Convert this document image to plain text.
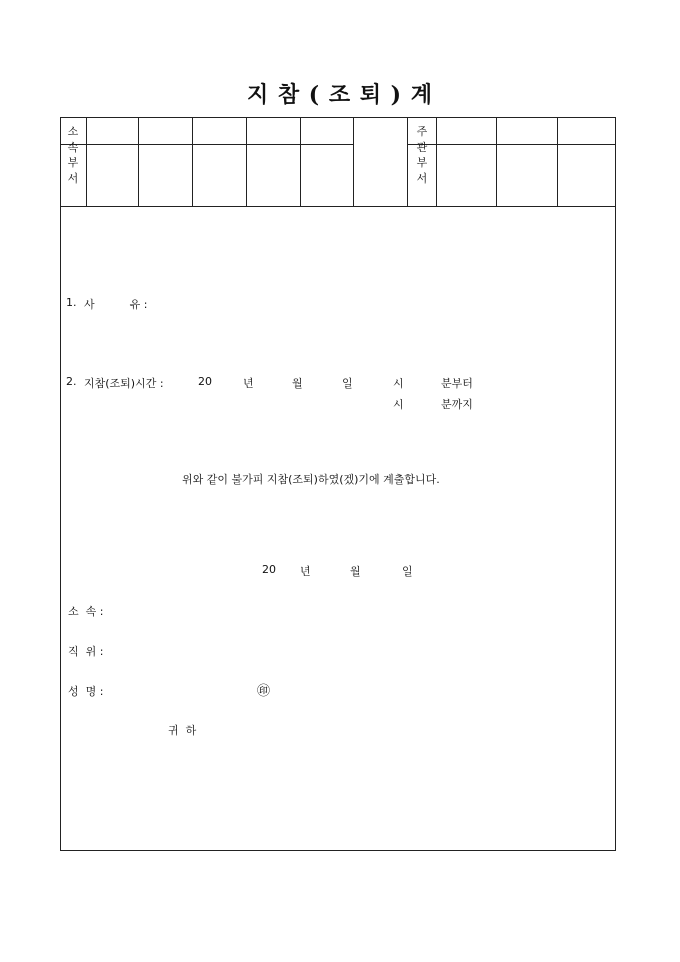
지 참 ( 조 퇴 ) 계
소
속
부
서
주
관
부
서
1. 사          유 :
2. 지참(조퇴)시간 :	20	년	월	일	시	분부터
시	분까지
위와 같이 불가피 지참(조퇴)하였(겠)기에 계출합니다.
20 년	월	일
소  속 :
직  위 :
성  명 :	㊞
귀  하
